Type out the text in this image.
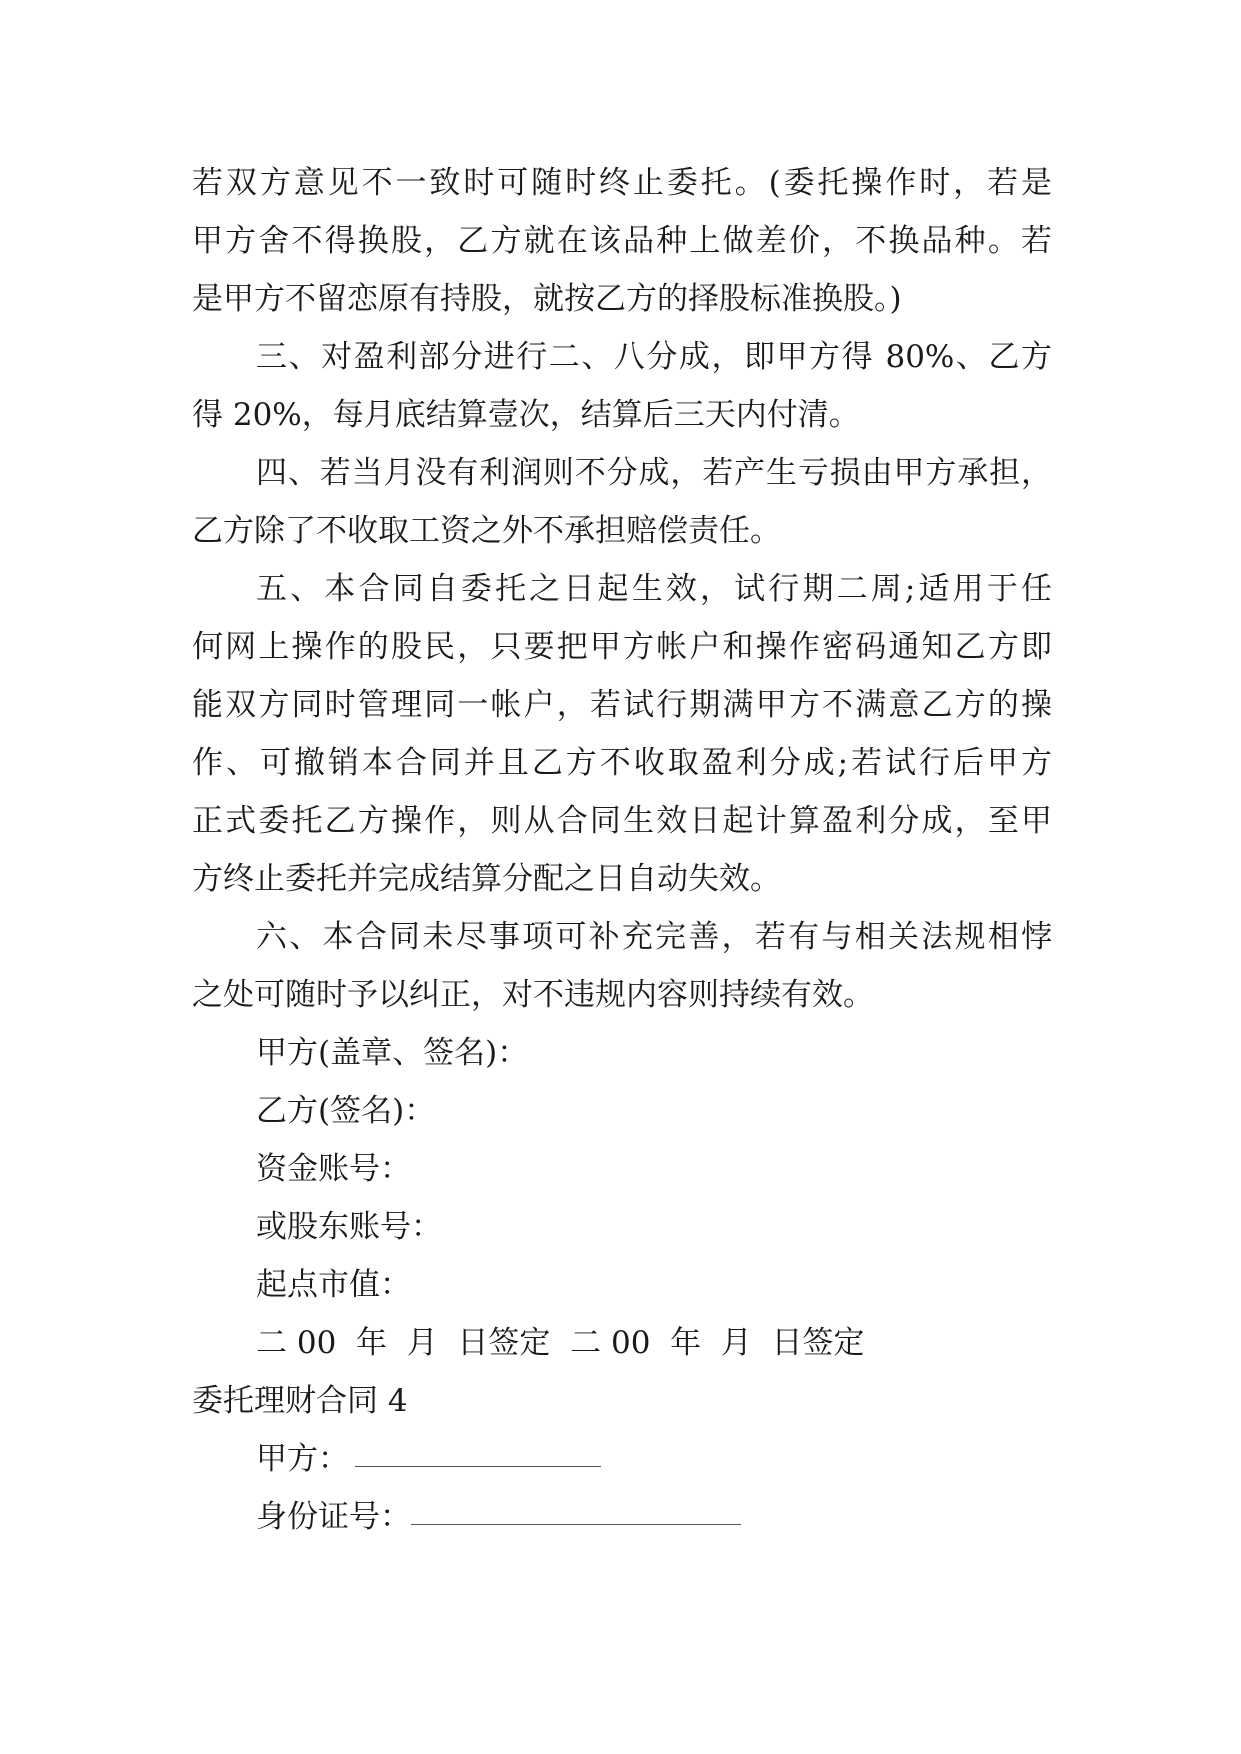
若双方意见不一致时可随时终止委托。(委托操作时，若是
甲方舍不得换股，乙方就在该品种上做差价，不换品种。若
是甲方不留恋原有持股，就按乙方的择股标准换股。)
三、对盈利部分进行二、八分成，即甲方得 80%、乙方
得 20%，每月底结算壹次，结算后三天内付清。
四、若当月没有利润则不分成，若产生亏损由甲方承担，
乙方除了不收取工资之外不承担赔偿责任。
五、本合同自委托之日起生效，试行期二周;适用于任
何网上操作的股民，只要把甲方帐户和操作密码通知乙方即
能双方同时管理同一帐户，若试行期满甲方不满意乙方的操
作、可撤销本合同并且乙方不收取盈利分成;若试行后甲方
正式委托乙方操作，则从合同生效日起计算盈利分成，至甲
方终止委托并完成结算分配之日自动失效。
六、本合同未尽事项可补充完善，若有与相关法规相悖
之处可随时予以纠正，对不违规内容则持续有效。
甲方(盖章、签名)：
乙方(签名)：
资金账号：
或股东账号：
起点市值：
二 00  年  月  日签定  二 00  年  月  日签定
委托理财合同 4
甲方：
身份证号：
